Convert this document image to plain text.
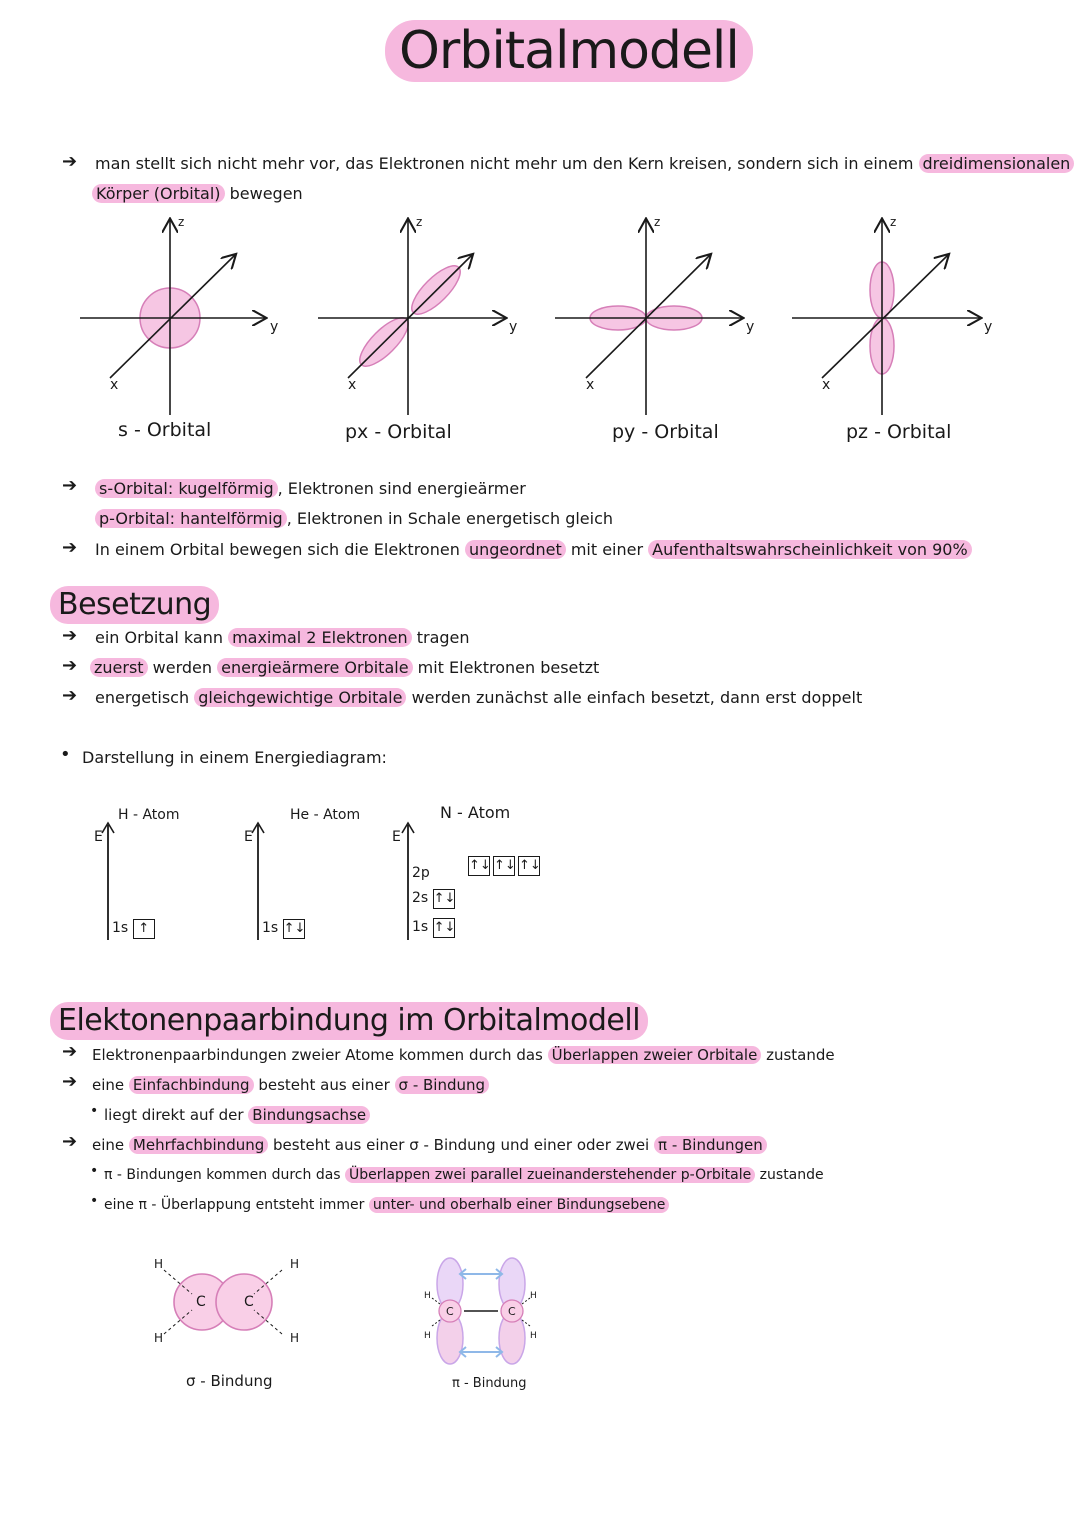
Orbitalmodell
➔ man stellt sich nicht mehr vor, das Elektronen nicht mehr um den Kern kreisen, sondern sich in einem dreidimensionalen
Körper (Orbital) bewegen
z	z	z	z
y	y	y	y
x	x	x	x
s - Orbital	px - Orbital	py - Orbital	pz - Orbital
➔ s-Orbital: kugelförmig , Elektronen sind energieärmer
p-Orbital: hantelförmig , Elektronen in Schale energetisch gleich
➔ In einem Orbital bewegen sich die Elektronen ungeordnet mit einer Aufenthaltswahrscheinlichkeit von 90%
Besetzung
➔ ein Orbital kann maximal 2 Elektronen tragen
➔ zuerst werden energieärmere Orbitale mit Elektronen besetzt
➔ energetisch gleichgewichtige Orbitale werden zunächst alle einfach besetzt, dann erst doppelt
• Darstellung in einem Energiediagram:
E	E	E
H - Atom	He - Atom	N - Atom
1s ↑	1s ↑↓
2p	↑↓ ↑↓ ↑↓
2s ↑↓
1s ↑↓
Elektonenpaarbindung im Orbitalmodell
➔ Elektronenpaarbindungen zweier Atome kommen durch das Überlappen zweier Orbitale zustande
➔ eine Einfachbindung besteht aus einer σ - Bindung
• liegt direkt auf der Bindungsachse
➔ eine Mehrfachbindung besteht aus einer σ - Bindung und einer oder zwei π - Bindungen
• π - Bindungen kommen durch das Überlappen zwei parallel zueinanderstehender p-Orbitale zustande
• eine π - Überlappung entsteht immer unter- und oberhalb einer Bindungsebene
C	C
H
H
H
H
σ - Bindung
C	C
H
H
H
H
π - Bindung
